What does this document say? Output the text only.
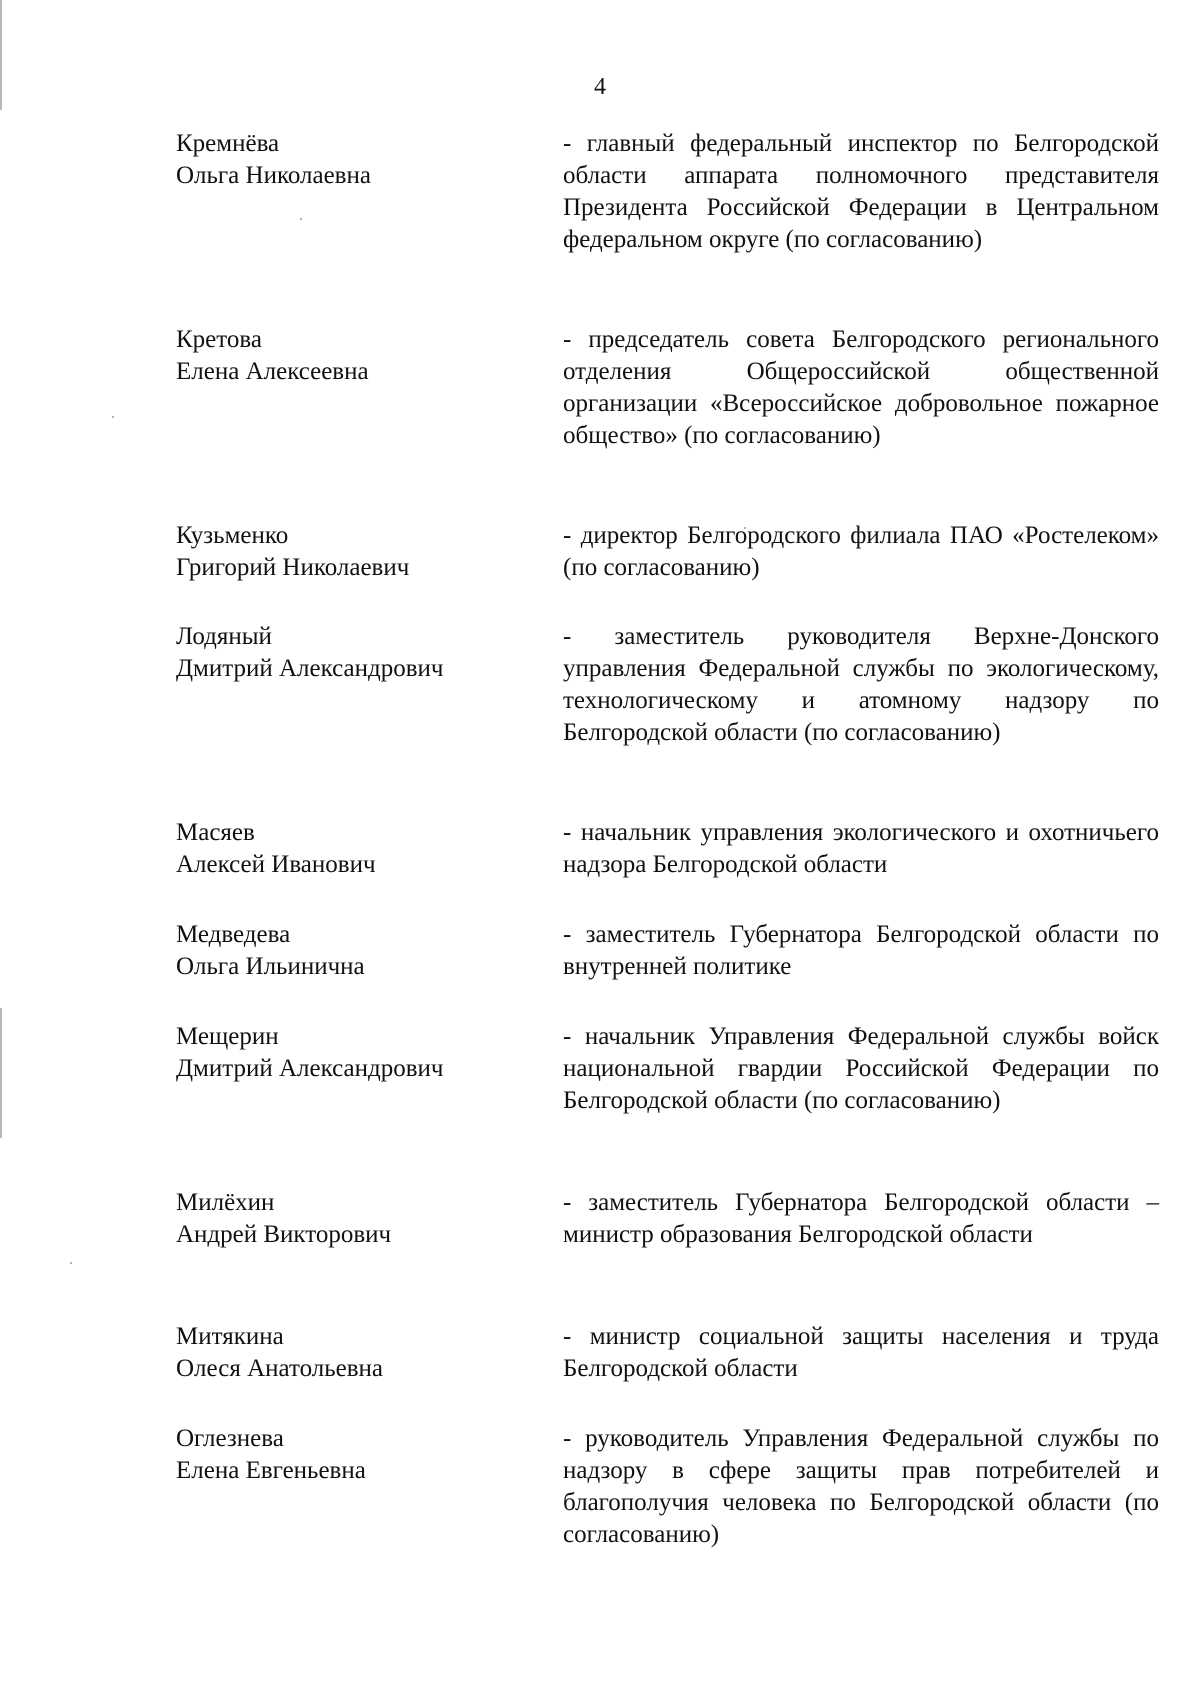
4
Кремнёва
Ольга Николаевна
- главный федеральный инспектор по Белгородской области аппарата полномочного представителя Президента Российской Федерации в Центральном федеральном округе (по согласованию)
Кретова
Елена Алексеевна
- председатель совета Белгородского регионального отделения Общероссийской общественной организации «Всероссийское добровольное пожарное общество» (по согласованию)
Кузьменко
Григорий Николаевич
- директор Белгородского филиала ПАО «Ростелеком» (по согласованию)
Лодяный
Дмитрий Александрович
- заместитель руководителя Верхне-Донского управления Федеральной службы по экологическому, технологическому и атомному надзору по Белгородской области (по согласованию)
Масяев
Алексей Иванович
- начальник управления экологического и охотничьего надзора Белгородской области
Медведева
Ольга Ильинична
- заместитель Губернатора Белгородской области по внутренней политике
Мещерин
Дмитрий Александрович
- начальник Управления Федеральной службы войск национальной гвардии Российской Федерации по Белгородской области (по согласованию)
Милёхин
Андрей Викторович
- заместитель Губернатора Белгородской области – министр образования Белгородской области
Митякина
Олеся Анатольевна
- министр социальной защиты населения и труда Белгородской области
Оглезнева
Елена Евгеньевна
- руководитель Управления Федеральной службы по надзору в сфере защиты прав потребителей и благополучия человека по Белгородской области (по согласованию)
